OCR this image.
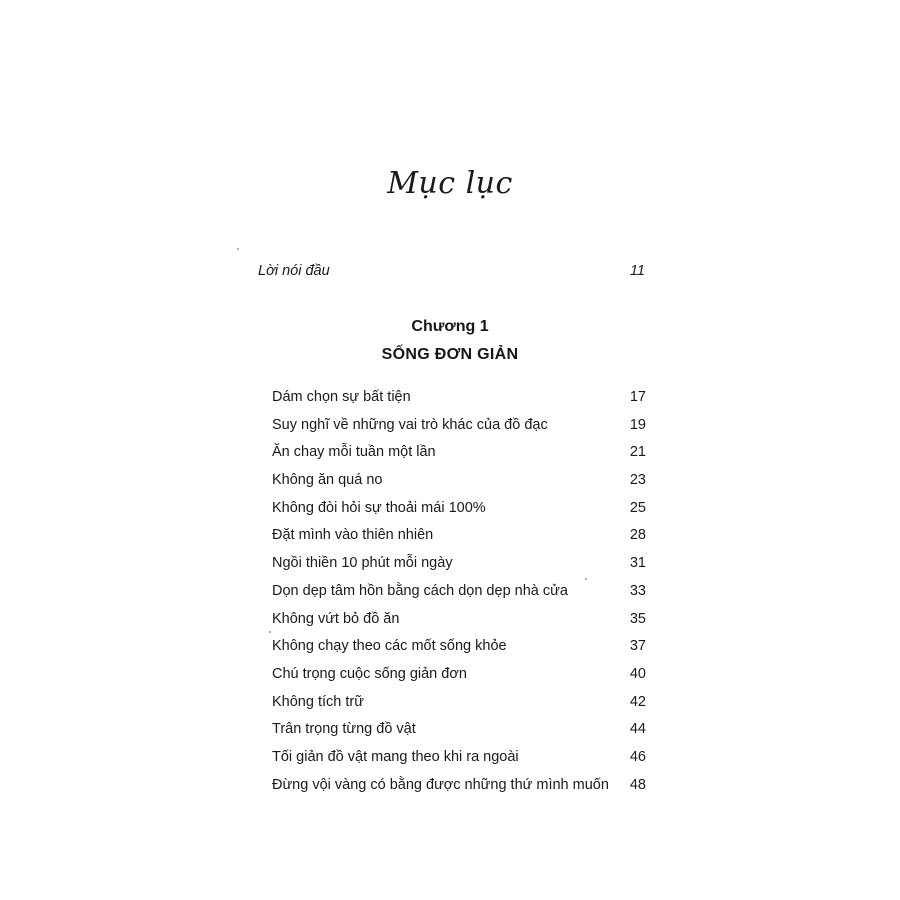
Mục lục
Lời nói đầu	11
Chương 1
SỐNG ĐƠN GIẢN
Dám chọn sự bất tiện	17
Suy nghĩ về những vai trò khác của đồ đạc	19
Ăn chay mỗi tuần một lần	21
Không ăn quá no	23
Không đòi hỏi sự thoải mái 100%	25
Đặt mình vào thiên nhiên	28
Ngồi thiền 10 phút mỗi ngày	31
Dọn dẹp tâm hồn bằng cách dọn dẹp nhà cửa	33
Không vứt bỏ đồ ăn	35
Không chạy theo các mốt sống khỏe	37
Chú trọng cuộc sống giản đơn	40
Không tích trữ	42
Trân trọng từng đồ vật	44
Tối giản đồ vật mang theo khi ra ngoài	46
Đừng vội vàng có bằng được những thứ mình muốn 48
